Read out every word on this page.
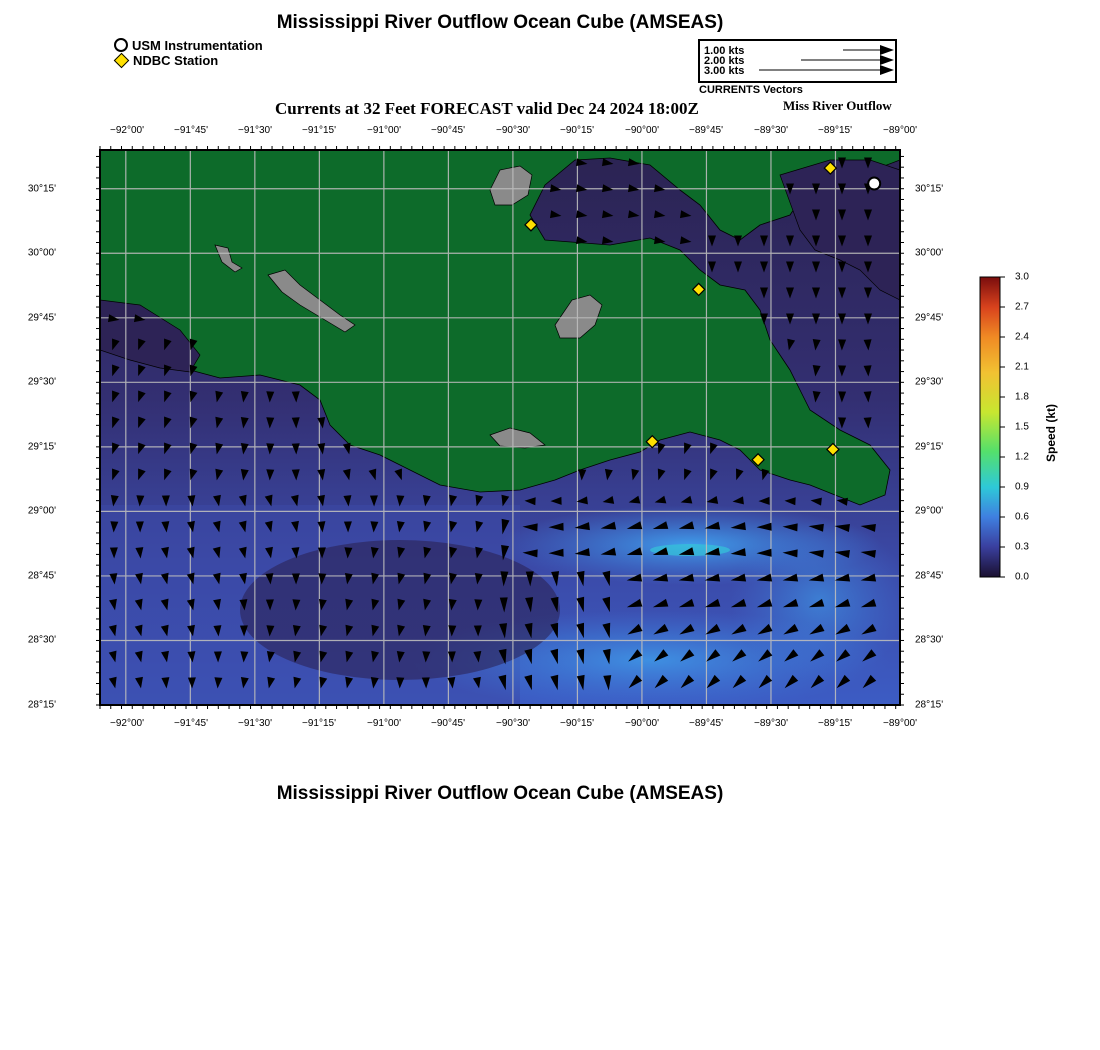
Mississippi River Outflow Ocean Cube (AMSEAS)
USM Instrumentation
NDBC Station
1.00 kts
2.00 kts
3.00 kts
CURRENTS Vectors
Currents at 32 Feet FORECAST valid Dec 24 2024 18:00Z	Miss River Outflow
−92°00'	−91°45'	−91°30'	−91°15'	−91°00'	−90°45'	−90°30'	−90°15'	−90°00'	−89°45'	−89°30'	−89°15'	−89°00'
−92°00'	−91°45'	−91°30'	−91°15'	−91°00'	−90°45'	−90°30'	−90°15'	−90°00'	−89°45'	−89°30'	−89°15'	−89°00'
30°15'
30°00'
29°45'
29°30'
29°15'
29°00'
28°45'
28°30'
28°15'
30°15'
30°00'
29°45'
29°30'
29°15'
29°00'
28°45'
28°30'
28°15'
3.0
2.7
2.4
2.1
1.8
1.5
1.2
0.9
0.6
0.3
0.0
Speed (kt)
Mississippi River Outflow Ocean Cube (AMSEAS)
